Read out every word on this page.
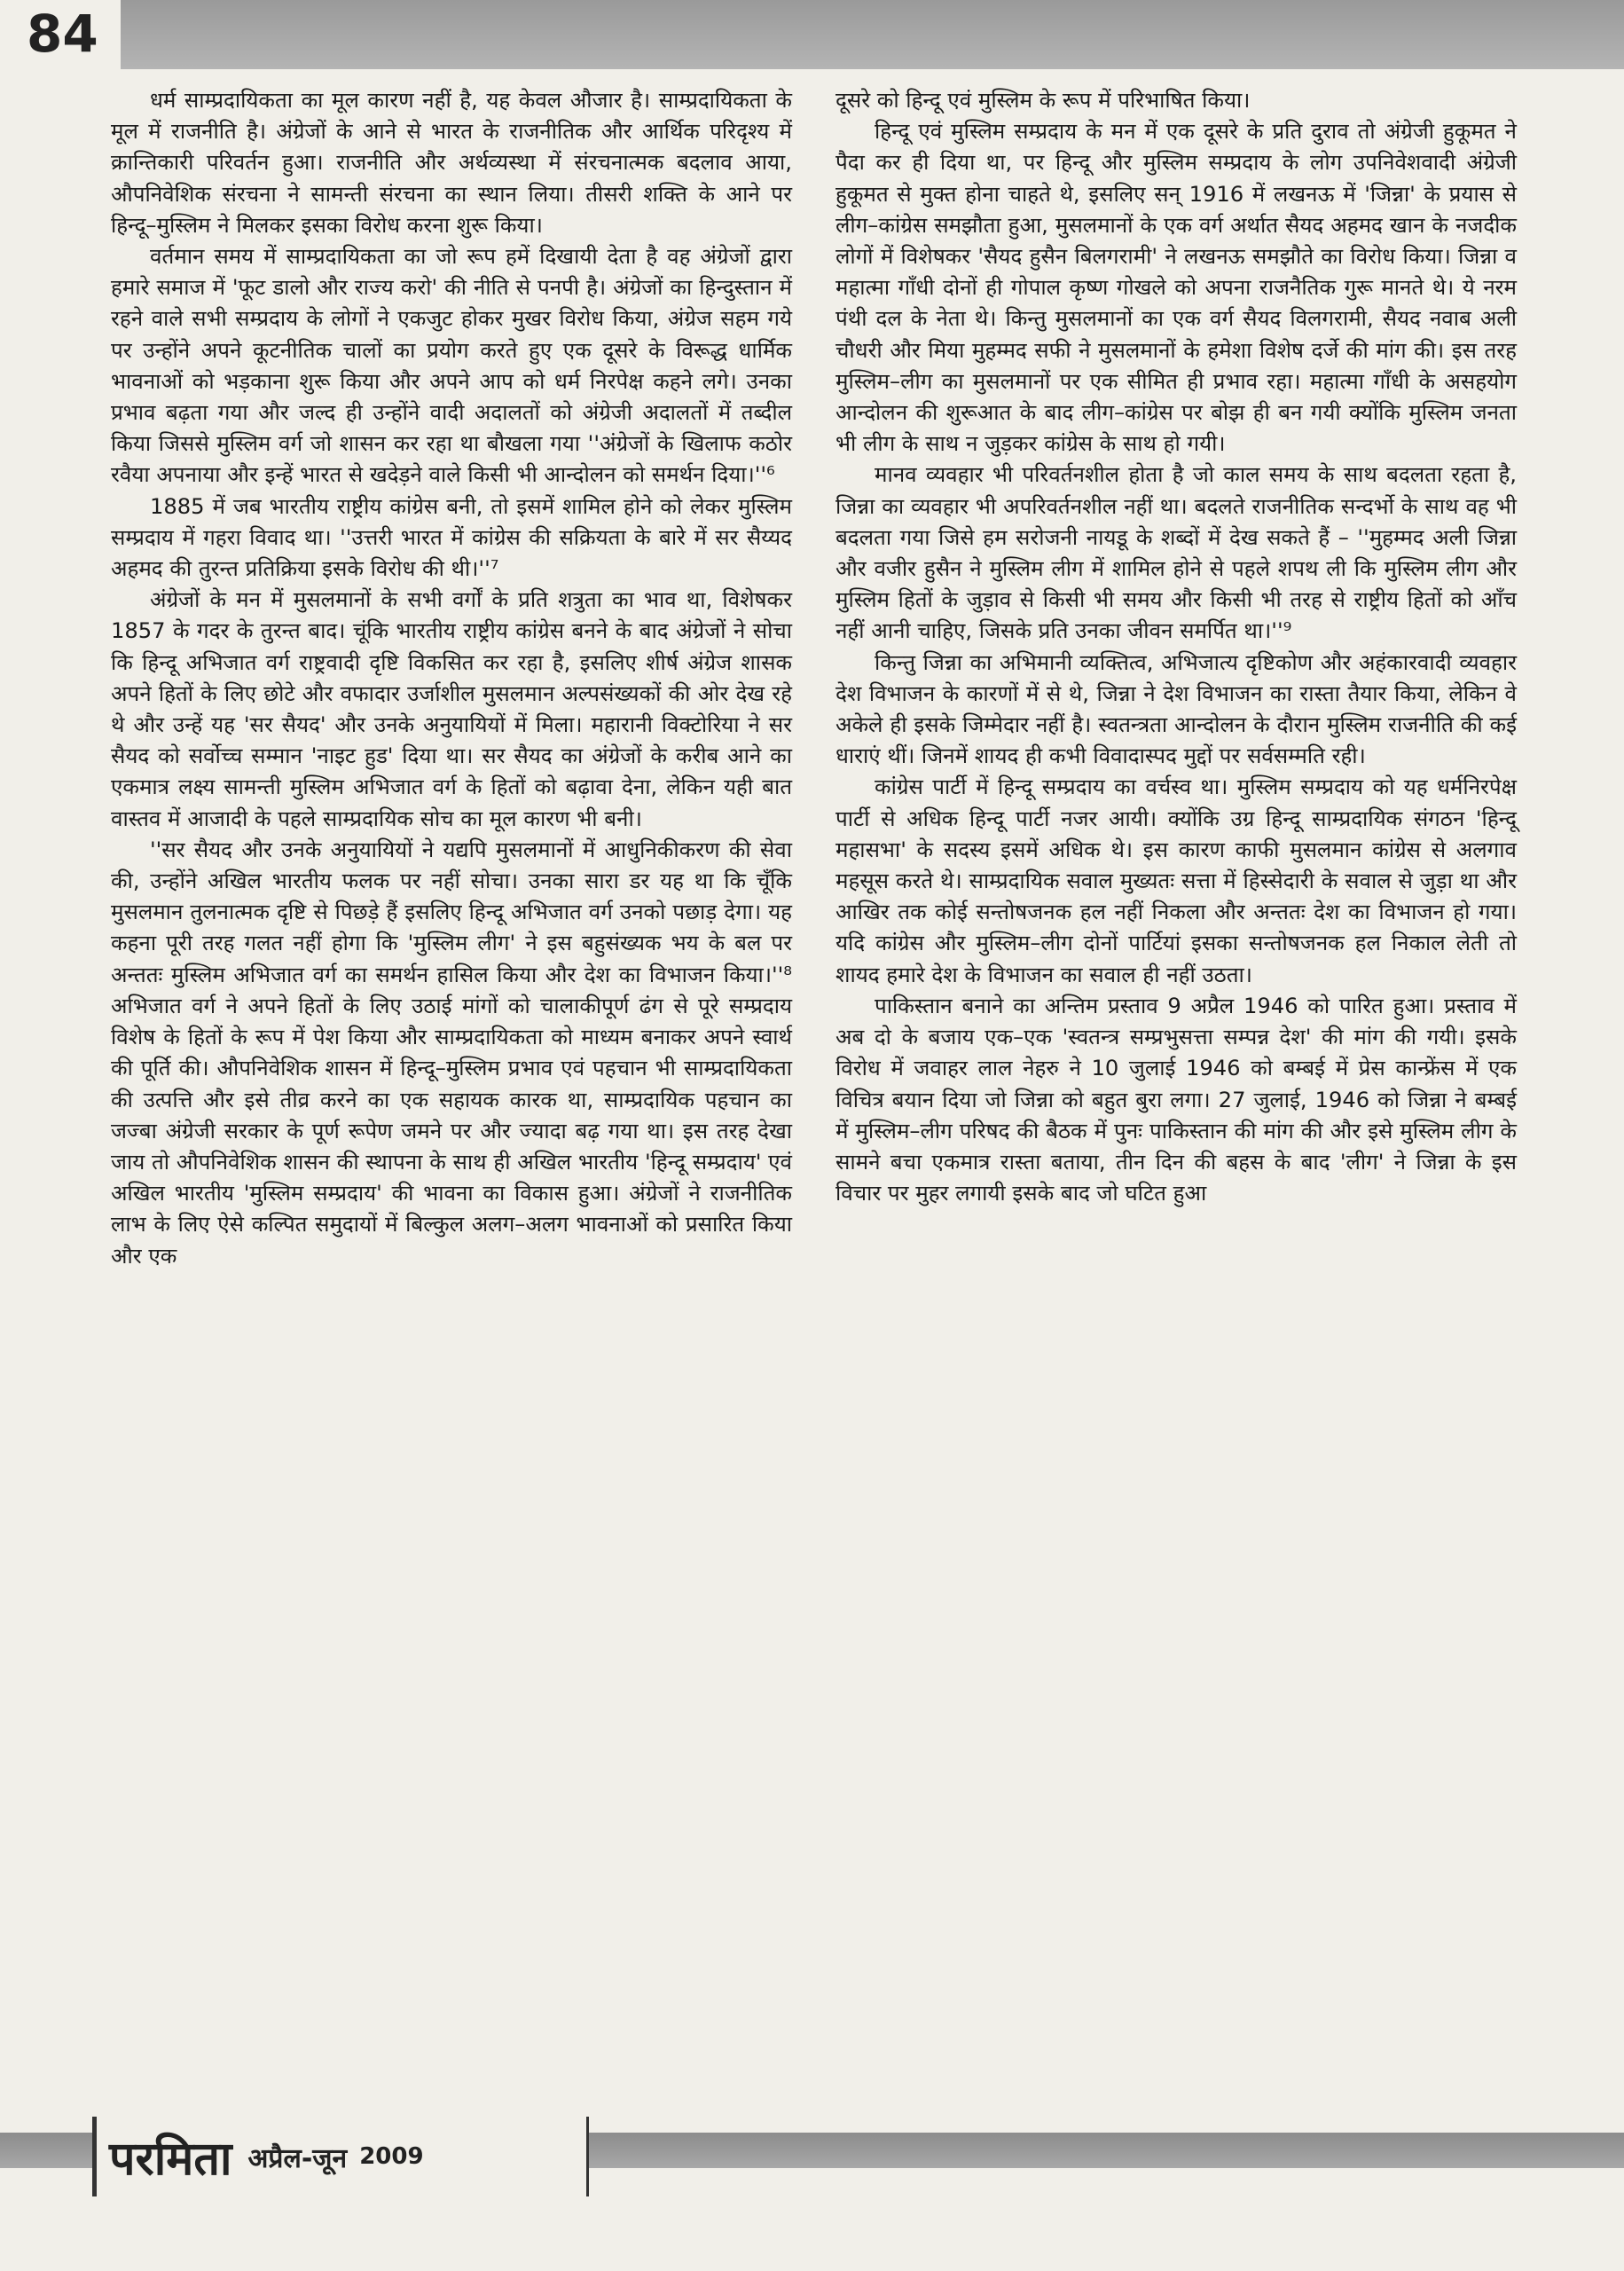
84

धर्म साम्प्रदायिकता का मूल कारण नहीं है, यह केवल औजार है। साम्प्रदायिकता के मूल में राजनीति है। अंग्रेजों के आने से भारत के राजनीतिक और आर्थिक परिदृश्य में क्रान्तिकारी परिवर्तन हुआ। राजनीति और अर्थव्यस्था में संरचनात्मक बदलाव आया, औपनिवेशिक संरचना ने सामन्ती संरचना का स्थान लिया। तीसरी शक्ति के आने पर हिन्दू–मुस्लिम ने मिलकर इसका विरोध करना शुरू किया।

वर्तमान समय में साम्प्रदायिकता का जो रूप हमें दिखायी देता है वह अंग्रेजों द्वारा हमारे समाज में 'फूट डालो और राज्य करो' की नीति से पनपी है। अंग्रेजों का हिन्दुस्तान में रहने वाले सभी सम्प्रदाय के लोगों ने एकजुट होकर मुखर विरोध किया, अंग्रेज सहम गये पर उन्होंने अपने कूटनीतिक चालों का प्रयोग करते हुए एक दूसरे के विरूद्ध धार्मिक भावनाओं को भड़काना शुरू किया और अपने आप को धर्म निरपेक्ष कहने लगे। उनका प्रभाव बढ़ता गया और जल्द ही उन्होंने वादी अदालतों को अंग्रेजी अदालतों में तब्दील किया जिससे मुस्लिम वर्ग जो शासन कर रहा था बौखला गया ''अंग्रेजों के खिलाफ कठोर रवैया अपनाया और इन्हें भारत से खदेड़ने वाले किसी भी आन्दोलन को समर्थन दिया।''⁶

1885 में जब भारतीय राष्ट्रीय कांग्रेस बनी, तो इसमें शामिल होने को लेकर मुस्लिम सम्प्रदाय में गहरा विवाद था। ''उत्तरी भारत में कांग्रेस की सक्रियता के बारे में सर सैय्यद अहमद की तुरन्त प्रतिक्रिया इसके विरोध की थी।''⁷

अंग्रेजों के मन में मुसलमानों के सभी वर्गों के प्रति शत्रुता का भाव था, विशेषकर 1857 के गदर के तुरन्त बाद। चूंकि भारतीय राष्ट्रीय कांग्रेस बनने के बाद अंग्रेजों ने सोचा कि हिन्दू अभिजात वर्ग राष्ट्रवादी दृष्टि विकसित कर रहा है, इसलिए शीर्ष अंग्रेज शासक अपने हितों के लिए छोटे और वफादार उर्जाशील मुसलमान अल्पसंख्यकों की ओर देख रहे थे और उन्हें यह 'सर सैयद' और उनके अनुयायियों में मिला। महारानी विक्टोरिया ने सर सैयद को सर्वोच्च सम्मान 'नाइट हुड' दिया था। सर सैयद का अंग्रेजों के करीब आने का एकमात्र लक्ष्य सामन्ती मुस्लिम अभिजात वर्ग के हितों को बढ़ावा देना, लेकिन यही बात वास्तव में आजादी के पहले साम्प्रदायिक सोच का मूल कारण भी बनी।

''सर सैयद और उनके अनुयायियों ने यद्यपि मुसलमानों में आधुनिकीकरण की सेवा की, उन्होंने अखिल भारतीय फलक पर नहीं सोचा। उनका सारा डर यह था कि चूँकि मुसलमान तुलनात्मक दृष्टि से पिछड़े हैं इसलिए हिन्दू अभिजात वर्ग उनको पछाड़ देगा। यह कहना पूरी तरह गलत नहीं होगा कि 'मुस्लिम लीग' ने इस बहुसंख्यक भय के बल पर अन्ततः मुस्लिम अभिजात वर्ग का समर्थन हासिल किया और देश का विभाजन किया।''⁸ अभिजात वर्ग ने अपने हितों के लिए उठाई मांगों को चालाकीपूर्ण ढंग से पूरे सम्प्रदाय विशेष के हितों के रूप में पेश किया और साम्प्रदायिकता को माध्यम बनाकर अपने स्वार्थ की पूर्ति की। औपनिवेशिक शासन में हिन्दू–मुस्लिम प्रभाव एवं पहचान भी साम्प्रदायिकता की उत्पत्ति और इसे तीव्र करने का एक सहायक कारक था, साम्प्रदायिक पहचान का जज्बा अंग्रेजी सरकार के पूर्ण रूपेण जमने पर और ज्यादा बढ़ गया था। इस तरह देखा जाय तो औपनिवेशिक शासन की स्थापना के साथ ही अखिल भारतीय 'हिन्दू सम्प्रदाय' एवं अखिल भारतीय 'मुस्लिम सम्प्रदाय' की भावना का विकास हुआ। अंग्रेजों ने राजनीतिक लाभ के लिए ऐसे कल्पित समुदायों में बिल्कुल अलग–अलग भावनाओं को प्रसारित किया और एक

दूसरे को हिन्दू एवं मुस्लिम के रूप में परिभाषित किया।

हिन्दू एवं मुस्लिम सम्प्रदाय के मन में एक दूसरे के प्रति दुराव तो अंग्रेजी हुकूमत ने पैदा कर ही दिया था, पर हिन्दू और मुस्लिम सम्प्रदाय के लोग उपनिवेशवादी अंग्रेजी हुकूमत से मुक्त होना चाहते थे, इसलिए सन् 1916 में लखनऊ में 'जिन्ना' के प्रयास से लीग–कांग्रेस समझौता हुआ, मुसलमानों के एक वर्ग अर्थात सैयद अहमद खान के नजदीक लोगों में विशेषकर 'सैयद हुसैन बिलगरामी' ने लखनऊ समझौते का विरोध किया। जिन्ना व महात्मा गाँधी दोनों ही गोपाल कृष्ण गोखले को अपना राजनैतिक गुरू मानते थे। ये नरम पंथी दल के नेता थे। किन्तु मुसलमानों का एक वर्ग सैयद विलगरामी, सैयद नवाब अली चौधरी और मिया मुहम्मद सफी ने मुसलमानों के हमेशा विशेष दर्जे की मांग की। इस तरह मुस्लिम–लीग का मुसलमानों पर एक सीमित ही प्रभाव रहा। महात्मा गाँधी के असहयोग आन्दोलन की शुरूआत के बाद लीग–कांग्रेस पर बोझ ही बन गयी क्योंकि मुस्लिम जनता भी लीग के साथ न जुड़कर कांग्रेस के साथ हो गयी।

मानव व्यवहार भी परिवर्तनशील होता है जो काल समय के साथ बदलता रहता है, जिन्ना का व्यवहार भी अपरिवर्तनशील नहीं था। बदलते राजनीतिक सन्दर्भो के साथ वह भी बदलता गया जिसे हम सरोजनी नायडू के शब्दों में देख सकते हैं – ''मुहम्मद अली जिन्ना और वजीर हुसैन ने मुस्लिम लीग में शामिल होने से पहले शपथ ली कि मुस्लिम लीग और मुस्लिम हितों के जुड़ाव से किसी भी समय और किसी भी तरह से राष्ट्रीय हितों को आँच नहीं आनी चाहिए, जिसके प्रति उनका जीवन समर्पित था।''⁹

किन्तु जिन्ना का अभिमानी व्यक्तित्व, अभिजात्य दृष्टिकोण और अहंकारवादी व्यवहार देश विभाजन के कारणों में से थे, जिन्ना ने देश विभाजन का रास्ता तैयार किया, लेकिन वे अकेले ही इसके जिम्मेदार नहीं है। स्वतन्त्रता आन्दोलन के दौरान मुस्लिम राजनीति की कई धाराएं थीं। जिनमें शायद ही कभी विवादास्पद मुद्दों पर सर्वसम्मति रही।

कांग्रेस पार्टी में हिन्दू सम्प्रदाय का वर्चस्व था। मुस्लिम सम्प्रदाय को यह धर्मनिरपेक्ष पार्टी से अधिक हिन्दू पार्टी नजर आयी। क्योंकि उग्र हिन्दू साम्प्रदायिक संगठन 'हिन्दू महासभा' के सदस्य इसमें अधिक थे। इस कारण काफी मुसलमान कांग्रेस से अलगाव महसूस करते थे। साम्प्रदायिक सवाल मुख्यतः सत्ता में हिस्सेदारी के सवाल से जुड़ा था और आखिर तक कोई सन्तोषजनक हल नहीं निकला और अन्ततः देश का विभाजन हो गया। यदि कांग्रेस और मुस्लिम–लीग दोनों पार्टियां इसका सन्तोषजनक हल निकाल लेती तो शायद हमारे देश के विभाजन का सवाल ही नहीं उठता।

पाकिस्तान बनाने का अन्तिम प्रस्ताव 9 अप्रैल 1946 को पारित हुआ। प्रस्ताव में अब दो के बजाय एक–एक 'स्वतन्त्र सम्प्रभुसत्ता सम्पन्न देश' की मांग की गयी। इसके विरोध में जवाहर लाल नेहरु ने 10 जुलाई 1946 को बम्बई में प्रेस कान्फ्रेंस में एक विचित्र बयान दिया जो जिन्ना को बहुत बुरा लगा। 27 जुलाई, 1946 को जिन्ना ने बम्बई में मुस्लिम–लीग परिषद की बैठक में पुनः पाकिस्तान की मांग की और इसे मुस्लिम लीग के सामने बचा एकमात्र रास्ता बताया, तीन दिन की बहस के बाद 'लीग' ने जिन्ना के इस विचार पर मुहर लगायी इसके बाद जो घटित हुआ

परमिता अप्रैल-जून 2009
